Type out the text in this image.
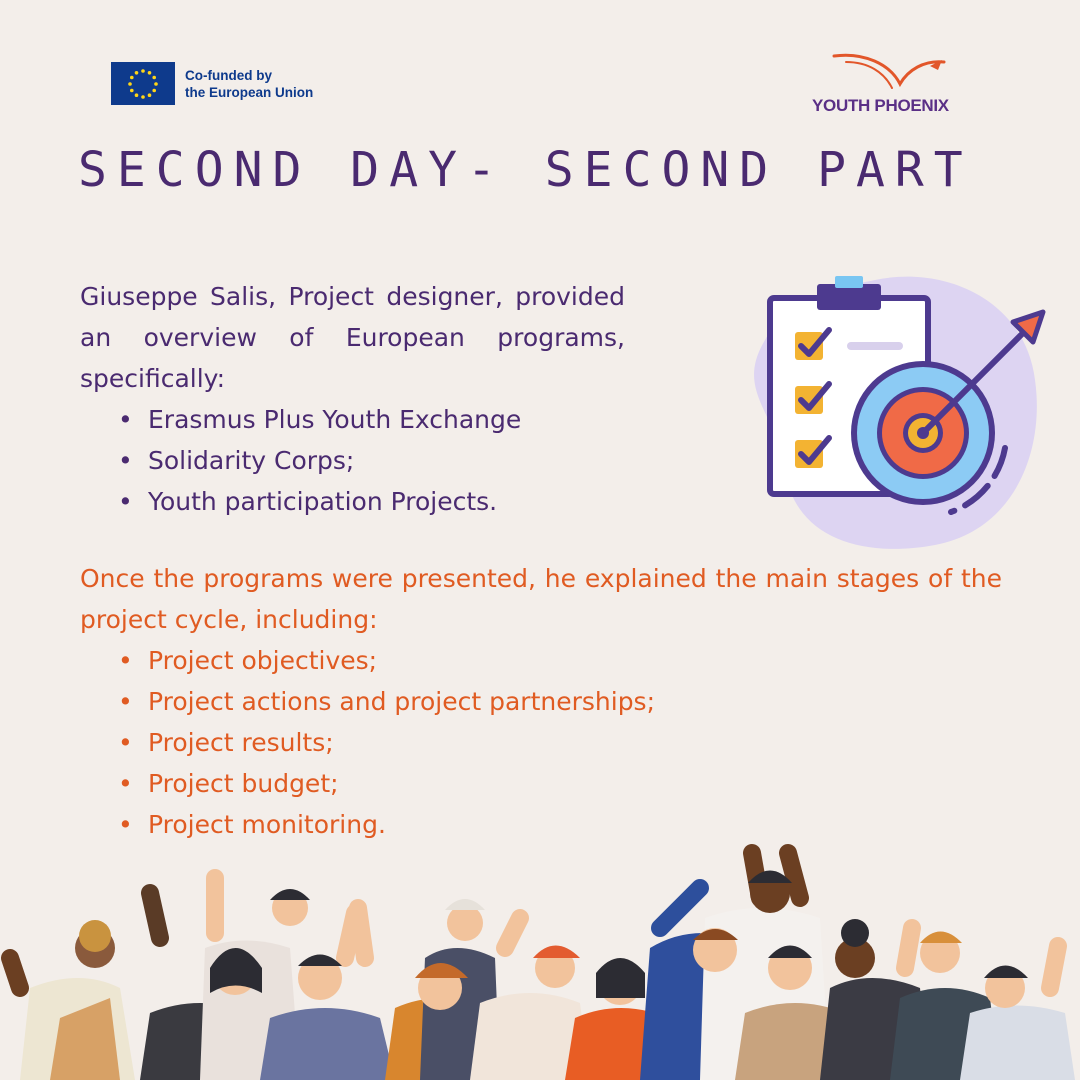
Co-funded by
the European Union
YOUTH PHOENIX
SECOND DAY- SECOND PART
Giuseppe Salis, Project designer, provided an overview of European programs, specifically:
• Erasmus Plus Youth Exchange
• Solidarity Corps;
• Youth participation Projects.
Once the programs were presented, he explained the main stages of the project cycle, including:
• Project objectives;
• Project actions and project partnerships;
• Project results;
• Project budget;
• Project monitoring.
